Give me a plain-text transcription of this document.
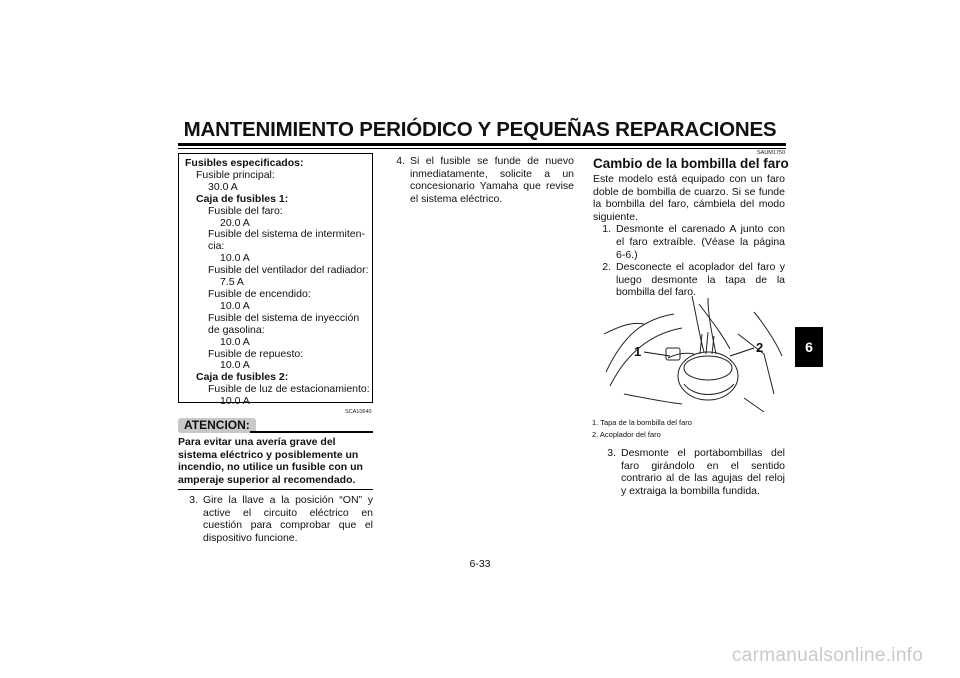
MANTENIMIENTO PERIÓDICO Y PEQUEÑAS REPARACIONES
Fusibles especificados:
Fusible principal:
30.0 A
Caja de fusibles 1:
Fusible del faro:
20.0 A
Fusible del sistema de intermiten-
cia:
10.0 A
Fusible del ventilador del radiador:
7.5 A
Fusible de encendido:
10.0 A
Fusible del sistema de inyección
de gasolina:
10.0 A
Fusible de repuesto:
10.0 A
Caja de fusibles 2:
Fusible de luz de estacionamiento:
10.0 A
SCA10640
ATENCION:
Para evitar una avería grave del sistema eléctrico y posiblemente un incendio, no utilice un fusible con un amperaje superior al recomendado.
3. Gire la llave a la posición “ON” y active el circuito eléctrico en cuestión para comprobar que el dispositivo funcione.
4. Si el fusible se funde de nuevo inmediatamente, solicite a un concesionario Yamaha que revise el sistema eléctrico.
SAUM1750
Cambio de la bombilla del faro
Este modelo está equipado con un faro doble de bombilla de cuarzo. Si se funde la bombilla del faro, cámbiela del modo siguiente.
1. Desmonte el carenado A junto con el faro extraíble. (Véase la página 6-6.)
2. Desconecte el acoplador del faro y luego desmonte la tapa de la bombilla del faro.
1	2
1. Tapa de la bombilla del faro
2. Acoplador del faro
3. Desmonte el portabombillas del faro girándolo en el sentido contrario al de las agujas del reloj y extraiga la bombilla fundida.
6
6-33
carmanualsonline.info
